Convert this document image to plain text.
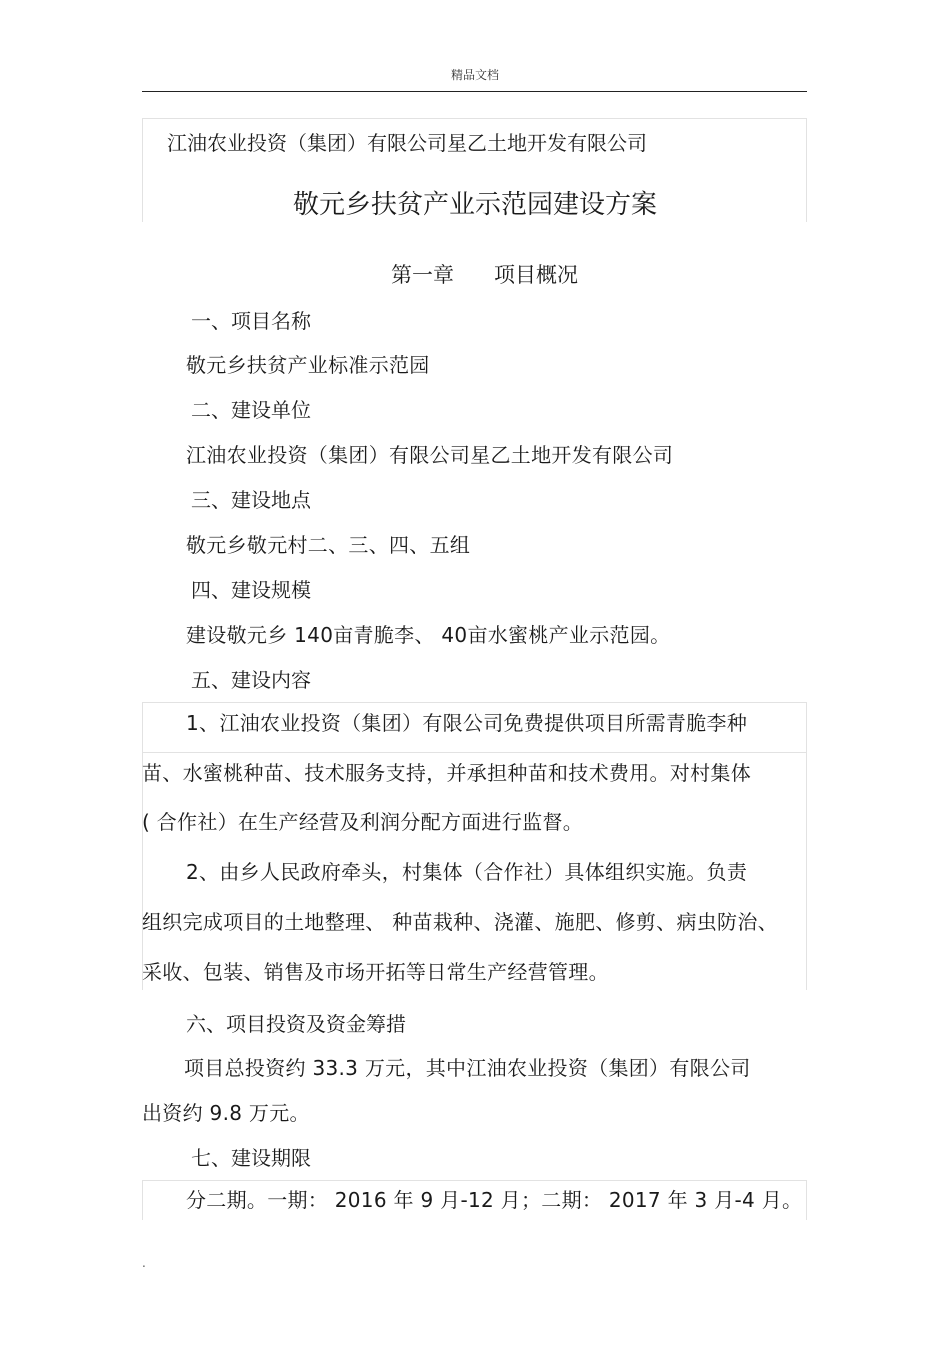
精品文档
江油农业投资（集团）有限公司星乙土地开发有限公司
敬元乡扶贫产业示范园建设方案
第一章 项目概况
一、项目名称
敬元乡扶贫产业标准示范园
二、建设单位
江油农业投资（集团）有限公司星乙土地开发有限公司
三、建设地点
敬元乡敬元村二、三、四、五组
四、建设规模
建设敬元乡 140亩青脆李、 40亩水蜜桃产业示范园。
五、建设内容
1、江油农业投资（集团）有限公司免费提供项目所需青脆李种
苗、水蜜桃种苗、技术服务支持，并承担种苗和技术费用。对村集体
( 合作社）在生产经营及利润分配方面进行监督。
2、由乡人民政府牵头，村集体（合作社）具体组织实施。负责
组织完成项目的土地整理、 种苗栽种、浇灌、施肥、修剪、病虫防治、
采收、包装、销售及市场开拓等日常生产经营管理。
六、项目投资及资金筹措
项目总投资约 33.3 万元，其中江油农业投资（集团）有限公司
出资约 9.8 万元。
七、建设期限
分二期。一期： 2016 年 9 月-12 月；二期： 2017 年 3 月-4 月。
.
